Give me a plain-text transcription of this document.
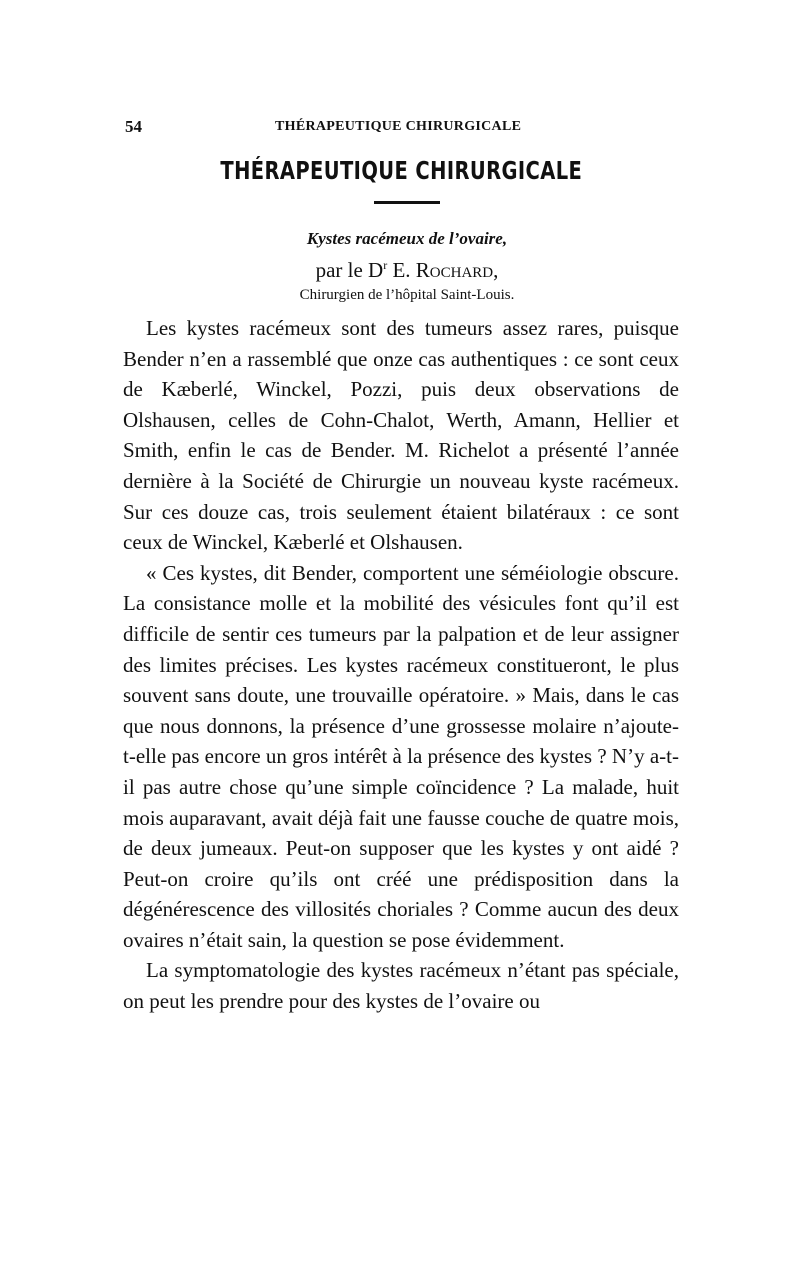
54	THÉRAPEUTIQUE CHIRURGICALE
THÉRAPEUTIQUE CHIRURGICALE
Kystes racémeux de l’ovaire,
par le $D^r$ E. Rochard,
Chirurgien de l’hôpital Saint-Louis.

Les kystes racémeux sont des tumeurs assez rares, puisque Bender n’en a rassemblé que onze cas authentiques : ce sont ceux de Kæberlé, Winckel, Pozzi, puis deux observations de Olshausen, celles de Cohn-Chalot, Werth, Amann, Hellier et Smith, enfin le cas de Bender. M. Richelot a présenté l’année dernière à la Société de Chirurgie un nouveau kyste racémeux. Sur ces douze cas, trois seulement étaient bilatéraux : ce sont ceux de Winckel, Kæberlé et Olshausen.

« Ces kystes, dit Bender, comportent une séméiologie obscure. La consistance molle et la mobilité des vésicules font qu’il est difficile de sentir ces tumeurs par la palpation et de leur assigner des limites précises. Les kystes racémeux constitueront, le plus souvent sans doute, une trouvaille opératoire. » Mais, dans le cas que nous donnons, la présence d’une grossesse molaire n’ajoute-t-elle pas encore un gros intérêt à la présence des kystes ? N’y a-t-il pas autre chose qu’une simple coïncidence ? La malade, huit mois auparavant, avait déjà fait une fausse couche de quatre mois, de deux jumeaux. Peut-on supposer que les kystes y ont aidé ? Peut-on croire qu’ils ont créé une prédisposition dans la dégénérescence des villosités choriales ? Comme aucun des deux ovaires n’était sain, la question se pose évidemment.

La symptomatologie des kystes racémeux n’étant pas spéciale, on peut les prendre pour des kystes de l’ovaire ou
